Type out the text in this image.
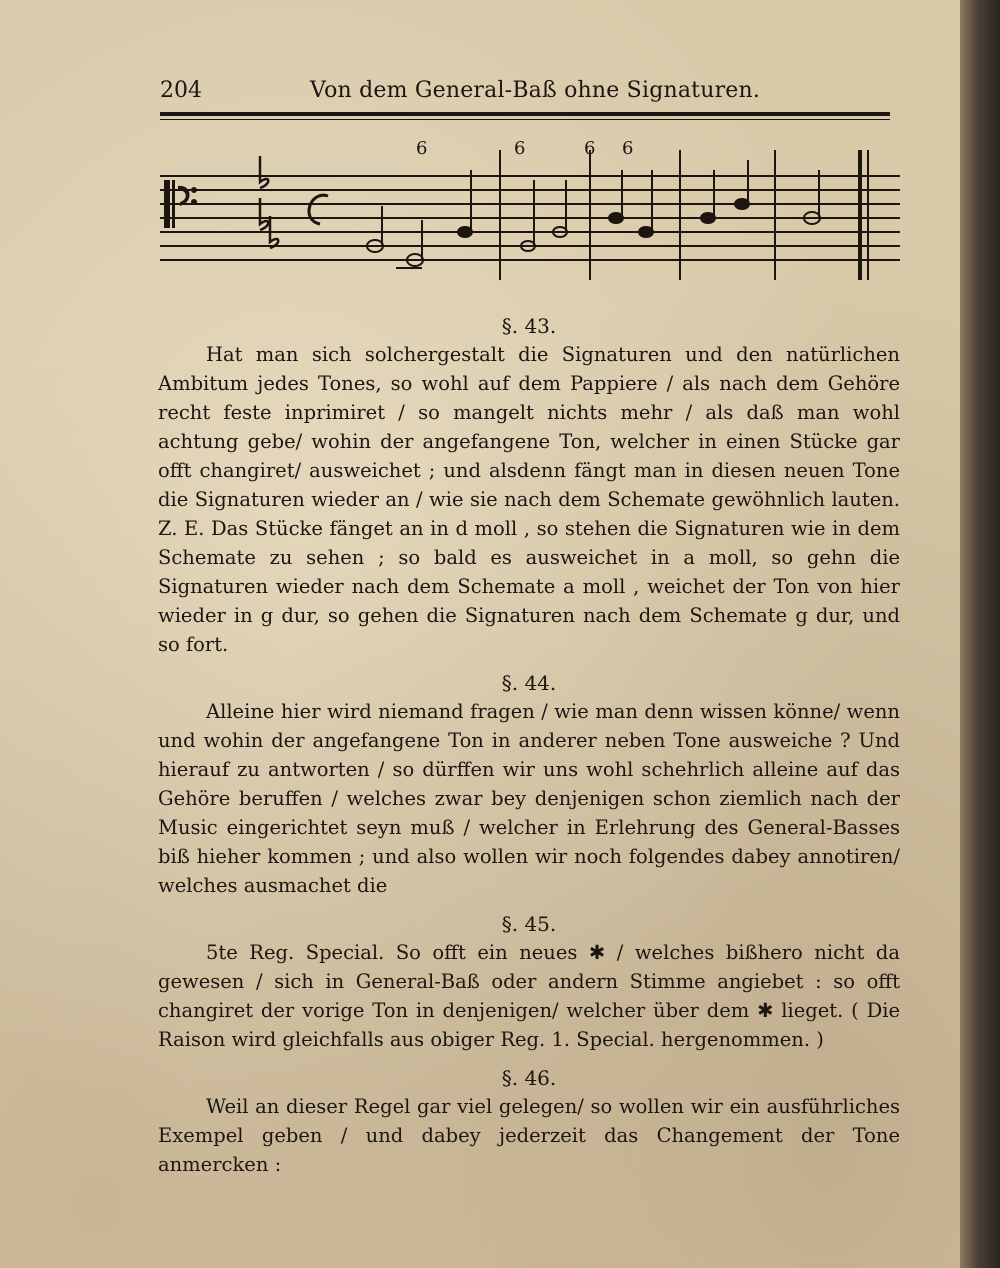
204	Von dem General-Baß ohne Signaturen.
6	6	6 6
§. 43.

Hat man sich solchergestalt die Signaturen und den natürlichen Ambitum jedes Tones, so wohl auf dem Pappiere / als nach dem Gehöre recht feste inprimiret / so mangelt nichts mehr / als daß man wohl achtung gebe/ wohin der angefangene Ton, welcher in einen Stücke gar offt changiret/ ausweichet ; und alsdenn fängt man in diesen neuen Tone die Signaturen wieder an / wie sie nach dem Schemate gewöhnlich lauten. Z. E. Das Stücke fänget an in d moll , so stehen die Signaturen wie in dem Schemate zu sehen ; so bald es ausweichet in a moll, so gehn die Signaturen wieder nach dem Schemate a moll , weichet der Ton von hier wieder in g dur, so gehen die Signaturen nach dem Schemate g dur, und so fort.

§. 44.

Alleine hier wird niemand fragen / wie man denn wissen könne/ wenn und wohin der angefangene Ton in anderer neben Tone ausweiche ? Und hierauf zu antworten / so dürffen wir uns wohl schehrlich alleine auf das Gehöre beruffen / welches zwar bey denjenigen schon ziemlich nach der Music eingerichtet seyn muß / welcher in Erlehrung des General-Basses biß hieher kommen ; und also wollen wir noch folgendes dabey annotiren/ welches ausmachet die

§. 45.

5te Reg. Special. So offt ein neues ✱ / welches bißhero nicht da gewesen / sich in General-Baß oder andern Stimme angiebet : so offt changiret der vorige Ton in denjenigen/ welcher über dem ✱ lieget. ( Die Raison wird gleichfalls aus obiger Reg. 1. Special. hergenommen. )

§. 46.

Weil an dieser Regel gar viel gelegen/ so wollen wir ein ausführliches Exempel geben / und dabey jederzeit das Changement der Tone anmercken :
